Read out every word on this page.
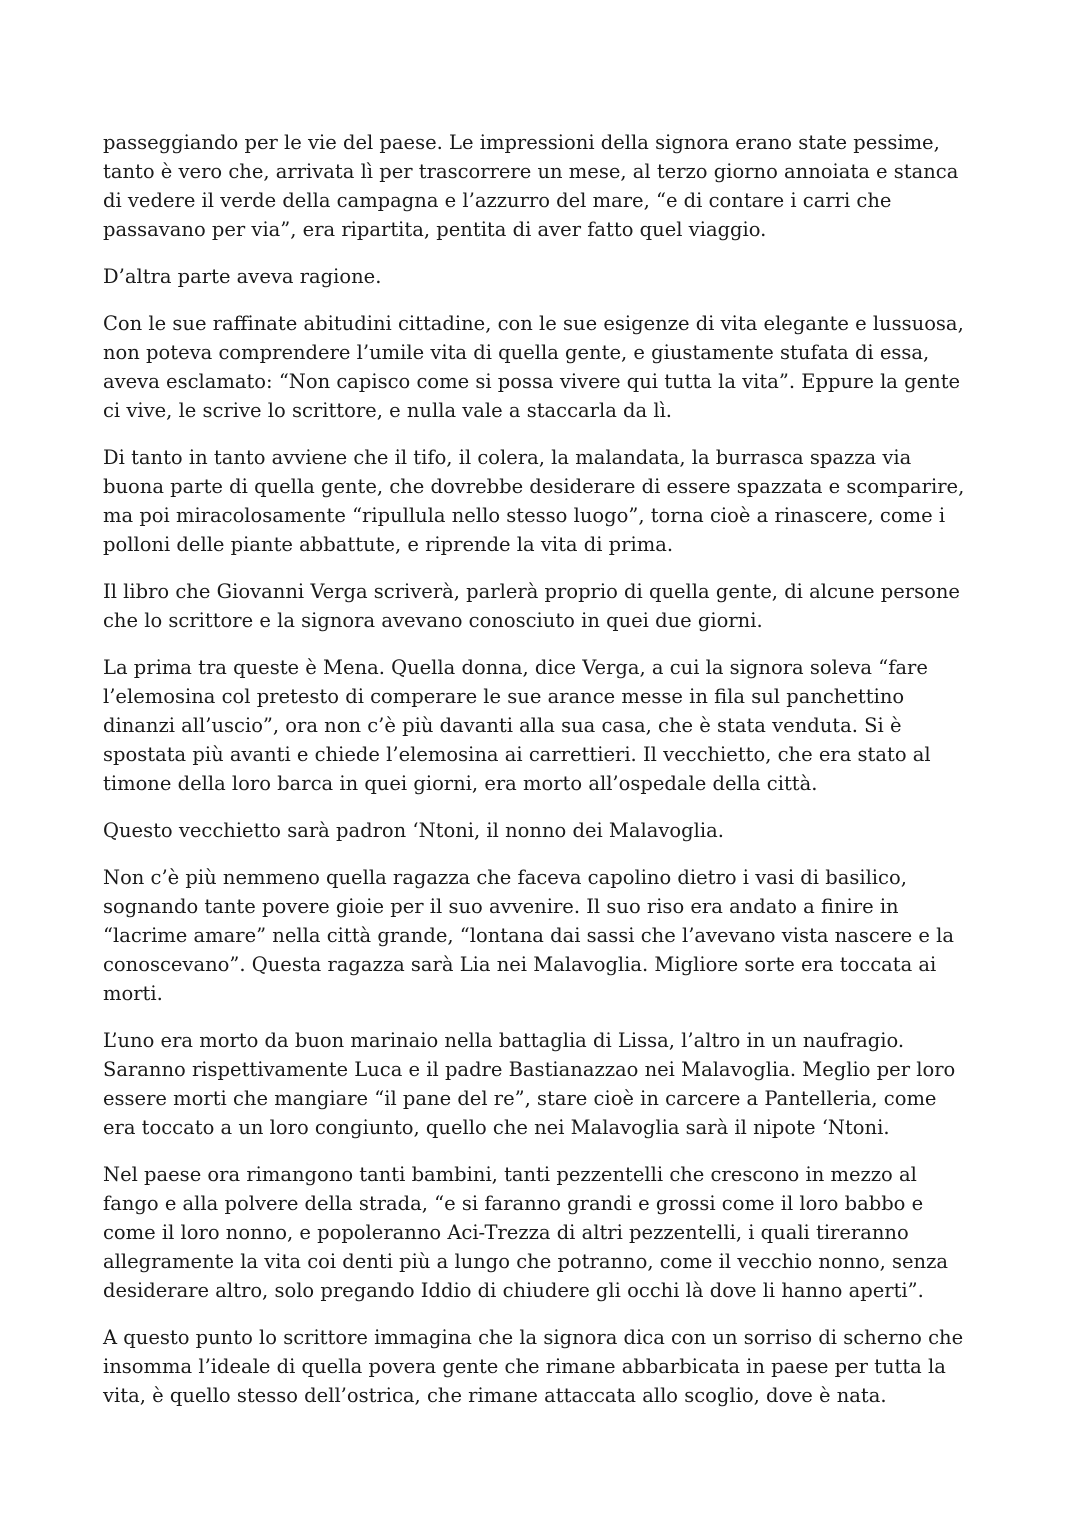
passeggiando per le vie del paese. Le impressioni della signora erano state pessime, tanto è vero che, arrivata lì per trascorrere un mese, al terzo giorno annoiata e stanca di vedere il verde della campagna e l’azzurro del mare, “e di contare i carri che passavano per via”, era ripartita, pentita di aver fatto quel viaggio.

D’altra parte aveva ragione.

Con le sue raffinate abitudini cittadine, con le sue esigenze di vita elegante e lussuosa, non poteva comprendere l’umile vita di quella gente, e giustamente stufata di essa, aveva esclamato: “Non capisco come si possa vivere qui tutta la vita”. Eppure la gente ci vive, le scrive lo scrittore, e nulla vale a staccarla da lì.

Di tanto in tanto avviene che il tifo, il colera, la malandata, la burrasca spazza via buona parte di quella gente, che dovrebbe desiderare di essere spazzata e scomparire, ma poi miracolosamente “ripullula nello stesso luogo”, torna cioè a rinascere, come i polloni delle piante abbattute, e riprende la vita di prima.

Il libro che Giovanni Verga scriverà, parlerà proprio di quella gente, di alcune persone che lo scrittore e la signora avevano conosciuto in quei due giorni.

La prima tra queste è Mena. Quella donna, dice Verga, a cui la signora soleva “fare l’elemosina col pretesto di comperare le sue arance messe in fila sul panchettino dinanzi all’uscio”, ora non c’è più davanti alla sua casa, che è stata venduta. Si è spostata più avanti e chiede l’elemosina ai carrettieri. Il vecchietto, che era stato al timone della loro barca in quei giorni, era morto all’ospedale della città.

Questo vecchietto sarà padron ‘Ntoni, il nonno dei Malavoglia.

Non c’è più nemmeno quella ragazza che faceva capolino dietro i vasi di basilico, sognando tante povere gioie per il suo avvenire. Il suo riso era andato a finire in “lacrime amare” nella città grande, “lontana dai sassi che l’avevano vista nascere e la conoscevano”. Questa ragazza sarà Lia nei Malavoglia. Migliore sorte era toccata ai morti.

L’uno era morto da buon marinaio nella battaglia di Lissa, l’altro in un naufragio. Saranno rispettivamente Luca e il padre Bastianazzao nei Malavoglia. Meglio per loro essere morti che mangiare “il pane del re”, stare cioè in carcere a Pantelleria, come era toccato a un loro congiunto, quello che nei Malavoglia sarà il nipote ‘Ntoni.

Nel paese ora rimangono tanti bambini, tanti pezzentelli che crescono in mezzo al fango e alla polvere della strada, “e si faranno grandi e grossi come il loro babbo e come il loro nonno, e popoleranno Aci-Trezza di altri pezzentelli, i quali tireranno allegramente la vita coi denti più a lungo che potranno, come il vecchio nonno, senza desiderare altro, solo pregando Iddio di chiudere gli occhi là dove li hanno aperti”.

A questo punto lo scrittore immagina che la signora dica con un sorriso di scherno che insomma l’ideale di quella povera gente che rimane abbarbicata in paese per tutta la vita, è quello stesso dell’ostrica, che rimane attaccata allo scoglio, dove è nata.
